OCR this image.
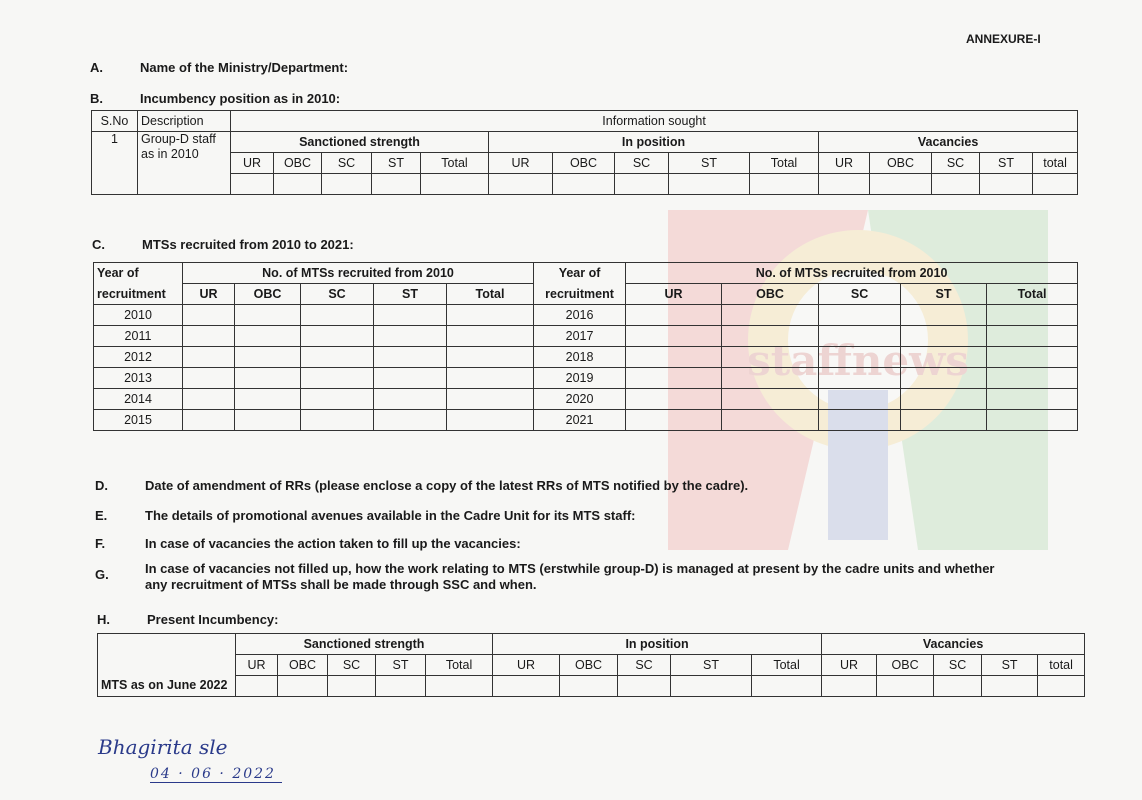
staffnews
ANNEXURE-I
A.	Name of the Ministry/Department:
B.	Incumbency position as in 2010:
S.No	Description	Information sought														
1	Group-D staff as in 2010	Sanctioned strength					In position					Vacancies				
		UR	OBC	SC	ST	Total	UR	OBC	SC	ST	Total	UR	OBC	SC	ST	total

C.	MTSs recruited from 2010 to 2021:
Year of	No. of MTSs recruited from 2010					Year of	No. of MTSs recruited from 2010				
recruitment	UR	OBC	SC	ST	Total	recruitment	UR	OBC	SC	ST	Total
2010						2016					
2011						2017					
2012						2018					
2013						2019					
2014						2020					
2015						2021					
D.	Date of amendment of RRs (please enclose a copy of the latest RRs of MTS notified by the cadre).
E.	The details of promotional avenues available in the Cadre Unit for its MTS staff:
F.	In case of vacancies the action taken to fill up the vacancies:
G.	In case of vacancies not filled up, how the work relating to MTS (erstwhile group-D) is managed at present by the cadre units and whether
any recruitment of MTSs shall be made through SSC and when.
H.	Present Incumbency:
MTS as on June 2022	Sanctioned strength					In position					Vacancies				
	UR	OBC	SC	ST	Total	UR	OBC	SC	ST	Total	UR	OBC	SC	ST	total

Bhagirita sle
04 · 06 · 2022
